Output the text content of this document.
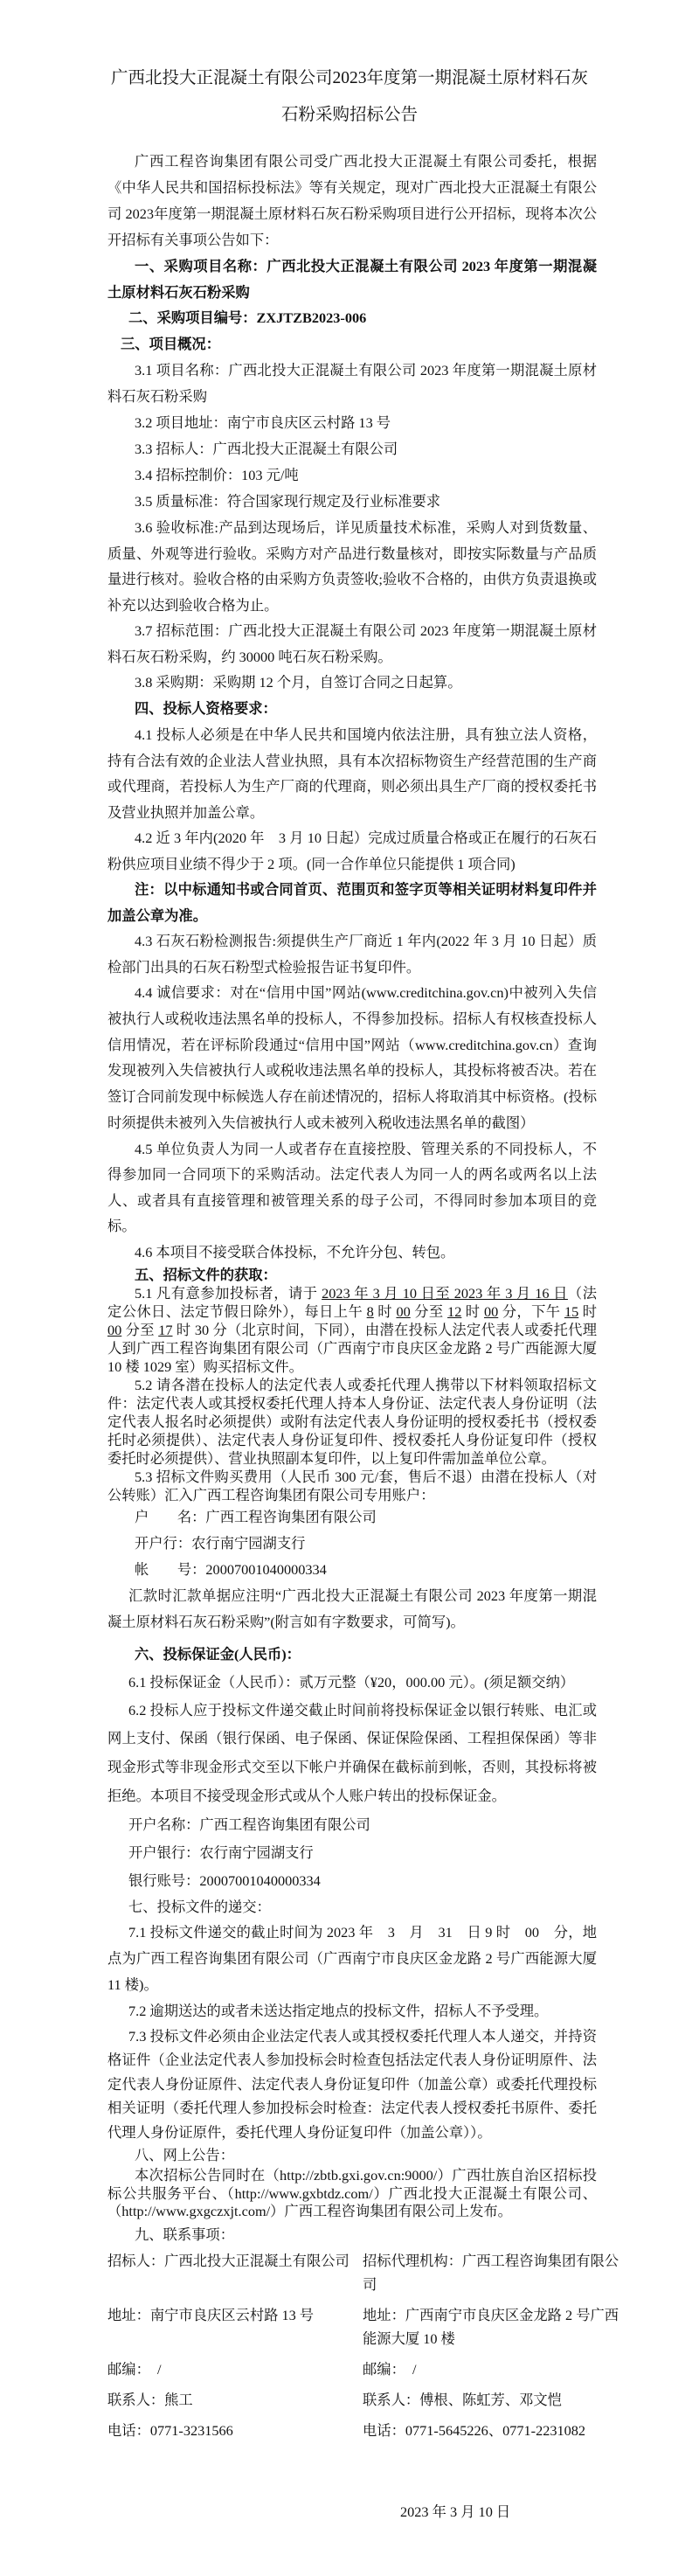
广西北投大正混凝土有限公司2023年度第一期混凝土原材料石灰
石粉采购招标公告

广西工程咨询集团有限公司受广西北投大正混凝土有限公司委托，根据《中华人民共和国招标投标法》等有关规定，现对广西北投大正混凝土有限公司 2023年度第一期混凝土原材料石灰石粉采购项目进行公开招标，现将本次公开招标有关事项公告如下：

一、采购项目名称：广西北投大正混凝土有限公司 2023 年度第一期混凝土原材料石灰石粉采购

二、采购项目编号：ZXJTZB2023-006

三、项目概况：

3.1 项目名称：广西北投大正混凝土有限公司 2023 年度第一期混凝土原材料石灰石粉采购

3.2 项目地址：南宁市良庆区云村路 13 号

3.3 招标人：广西北投大正混凝土有限公司

3.4 招标控制价：103 元/吨

3.5 质量标准：符合国家现行规定及行业标准要求

3.6 验收标准:产品到达现场后，详见质量技术标准，采购人对到货数量、质量、外观等进行验收。采购方对产品进行数量核对，即按实际数量与产品质量进行核对。验收合格的由采购方负责签收;验收不合格的，由供方负责退换或补充以达到验收合格为止。

3.7 招标范围：广西北投大正混凝土有限公司 2023 年度第一期混凝土原材料石灰石粉采购，约 30000 吨石灰石粉采购。

3.8 采购期：采购期 12 个月，自签订合同之日起算。

四、投标人资格要求：

4.1 投标人必须是在中华人民共和国境内依法注册，具有独立法人资格，持有合法有效的企业法人营业执照，具有本次招标物资生产经营范围的生产商或代理商，若投标人为生产厂商的代理商，则必须出具生产厂商的授权委托书及营业执照并加盖公章。

4.2 近 3 年内(2020 年　3 月 10 日起）完成过质量合格或正在履行的石灰石粉供应项目业绩不得少于 2 项。(同一合作单位只能提供 1 项合同)

注：以中标通知书或合同首页、范围页和签字页等相关证明材料复印件并加盖公章为准。

4.3 石灰石粉检测报告:须提供生产厂商近 1 年内(2022 年 3 月 10 日起）质检部门出具的石灰石粉型式检验报告证书复印件。

4.4 诚信要求：对在“信用中国”网站(www.creditchina.gov.cn)中被列入失信被执行人或税收违法黑名单的投标人，不得参加投标。招标人有权核查投标人信用情况，若在评标阶段通过“信用中国”网站（www.creditchina.gov.cn）查询发现被列入失信被执行人或税收违法黑名单的投标人，其投标将被否决。若在签订合同前发现中标候选人存在前述情况的，招标人将取消其中标资格。(投标时须提供未被列入失信被执行人或未被列入税收违法黑名单的截图）

4.5 单位负责人为同一人或者存在直接控股、管理关系的不同投标人，不得参加同一合同项下的采购活动。法定代表人为同一人的两名或两名以上法人、或者具有直接管理和被管理关系的母子公司，不得同时参加本项目的竞标。

4.6 本项目不接受联合体投标，不允许分包、转包。

五、招标文件的获取：

5.1 凡有意参加投标者，请于 2023 年 3 月 10 日至 2023 年 3 月 16 日（法定公休日、法定节假日除外），每日上午 8 时 00 分至 12 时 00 分，下午 15 时 00 分至 17 时 30 分（北京时间，下同），由潜在投标人法定代表人或委托代理人到广西工程咨询集团有限公司（广西南宁市良庆区金龙路 2 号广西能源大厦 10 楼 1029 室）购买招标文件。

5.2 请各潜在投标人的法定代表人或委托代理人携带以下材料领取招标文件：法定代表人或其授权委托代理人持本人身份证、法定代表人身份证明（法定代表人报名时必须提供）或附有法定代表人身份证明的授权委托书（授权委托时必须提供）、法定代表人身份证复印件、授权委托人身份证复印件（授权委托时必须提供）、营业执照副本复印件，以上复印件需加盖单位公章。

5.3 招标文件购买费用（人民币 300 元/套，售后不退）由潜在投标人（对公转账）汇入广西工程咨询集团有限公司专用账户：

户　　名：广西工程咨询集团有限公司

开户行：农行南宁园湖支行

帐　　号：20007001040000334

汇款时汇款单据应注明“广西北投大正混凝土有限公司 2023 年度第一期混凝土原材料石灰石粉采购”(附言如有字数要求，可简写)。

六、投标保证金(人民币)：

6.1 投标保证金（人民币）：贰万元整（¥20，000.00 元）。(须足额交纳）

6.2 投标人应于投标文件递交截止时间前将投标保证金以银行转账、电汇或网上支付、保函（银行保函、电子保函、保证保险保函、工程担保保函）等非现金形式等非现金形式交至以下帐户并确保在截标前到帐，否则，其投标将被拒绝。本项目不接受现金形式或从个人账户转出的投标保证金。

开户名称：广西工程咨询集团有限公司

开户银行：农行南宁园湖支行

银行账号：20007001040000334

七、投标文件的递交：

7.1 投标文件递交的截止时间为 2023 年　3　月　31　日 9 时　00　分，地点为广西工程咨询集团有限公司（广西南宁市良庆区金龙路 2 号广西能源大厦 11 楼)。

7.2 逾期送达的或者未送达指定地点的投标文件，招标人不予受理。

7.3 投标文件必须由企业法定代表人或其授权委托代理人本人递交，并持资格证件（企业法定代表人参加投标会时检查包括法定代表人身份证明原件、法定代表人身份证原件、法定代表人身份证复印件（加盖公章）或委托代理投标相关证明（委托代理人参加投标会时检查：法定代表人授权委托书原件、委托代理人身份证原件，委托代理人身份证复印件（加盖公章））。

八、网上公告：

本次招标公告同时在（http://zbtb.gxi.gov.cn:9000/）广西壮族自治区招标投标公共服务平台、（http://www.gxbtdz.com/）广西北投大正混凝土有限公司、（http://www.gxgczxjt.com/）广西工程咨询集团有限公司上发布。

九、联系事项：

招标人：广西北投大正混凝土有限公司 招标代理机构：广西工程咨询集团有限公司

地址：南宁市良庆区云村路 13 号	地址：广西南宁市良庆区金龙路 2 号广西能源大厦 10 楼

邮编：　/	邮编：　/

联系人：熊工	联系人：傅根、陈虹芳、邓文恺

电话：0771-3231566	电话：0771-5645226、0771-2231082

2023 年 3 月 10 日
